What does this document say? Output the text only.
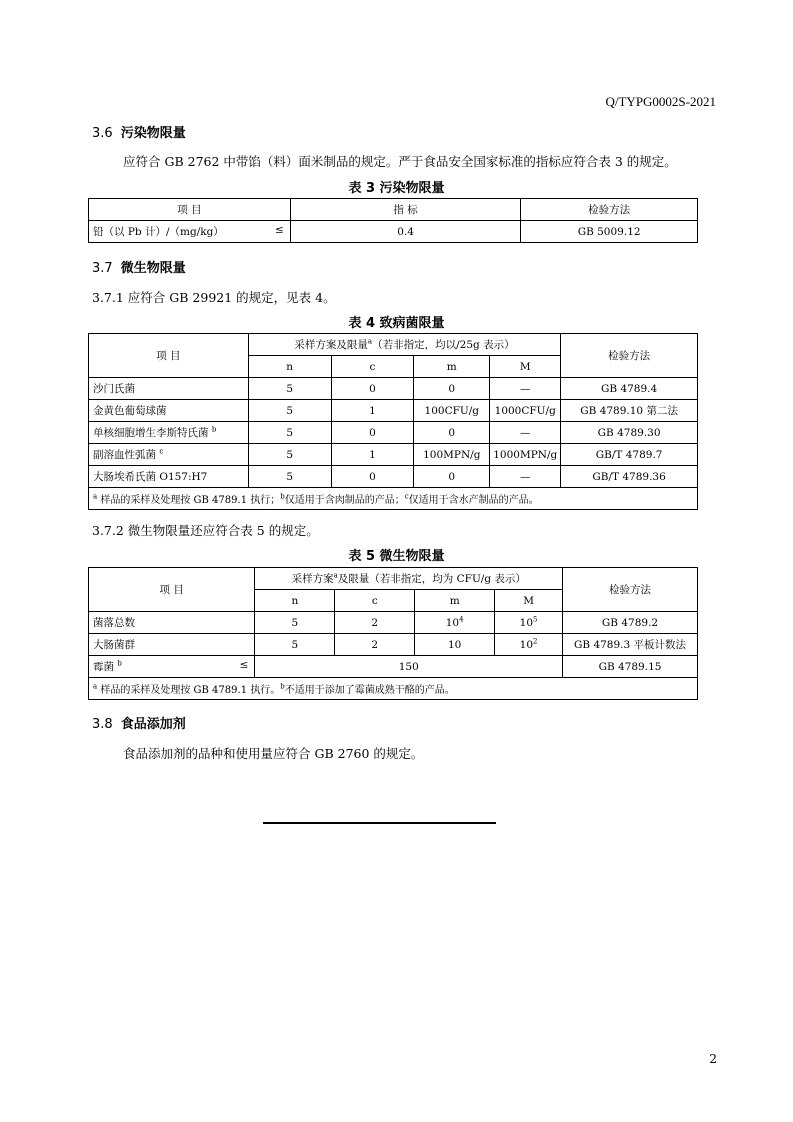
Q/TYPG0002S-2021
3.6 污染物限量
应符合 GB 2762 中带馅（料）面米制品的规定。严于食品安全国家标准的指标应符合表 3 的规定。
表 3 污染物限量
项 目	指 标	检验方法
铅（以 Pb 计）/（mg/kg） ≤	0.4	GB 5009.12
3.7 微生物限量
3.7.1 应符合 GB 29921 的规定，见表 4。
表 4 致病菌限量
项 目	采样方案及限量$^a$（若非指定，均以/25g 表示）				检验方法
	n	c	m	M	
沙门氏菌	5	0	0	—	GB 4789.4
金黄色葡萄球菌	5	1	100CFU/g	1000CFU/g	GB 4789.10 第二法
单核细胞增生李斯特氏菌 $^b$	5	0	0	—	GB 4789.30
副溶血性弧菌 $^c$	5	1	100MPN/g	1000MPN/g	GB/T 4789.7
大肠埃希氏菌 O157:H7	5	0	0	—	GB/T 4789.36
$^a$ 样品的采样及处理按 GB 4789.1 执行；$^b$仅适用于含肉制品的产品；$^c$仅适用于含水产制品的产品。					
3.7.2 微生物限量还应符合表 5 的规定。
表 5 微生物限量
项 目	采样方案$^a$及限量（若非指定，均为 CFU/g 表示）				检验方法
	n	c	m	M	
菌落总数	5	2	$10^4$	$10^5$	GB 4789.2
大肠菌群	5	2	10	$10^2$	GB 4789.3 平板计数法
霉菌 $^b$ ≤	150				GB 4789.15
$^a$ 样品的采样及处理按 GB 4789.1 执行。$^b$不适用于添加了霉菌成熟干酪的产品。					
3.8 食品添加剂
食品添加剂的品种和使用量应符合 GB 2760 的规定。
2
